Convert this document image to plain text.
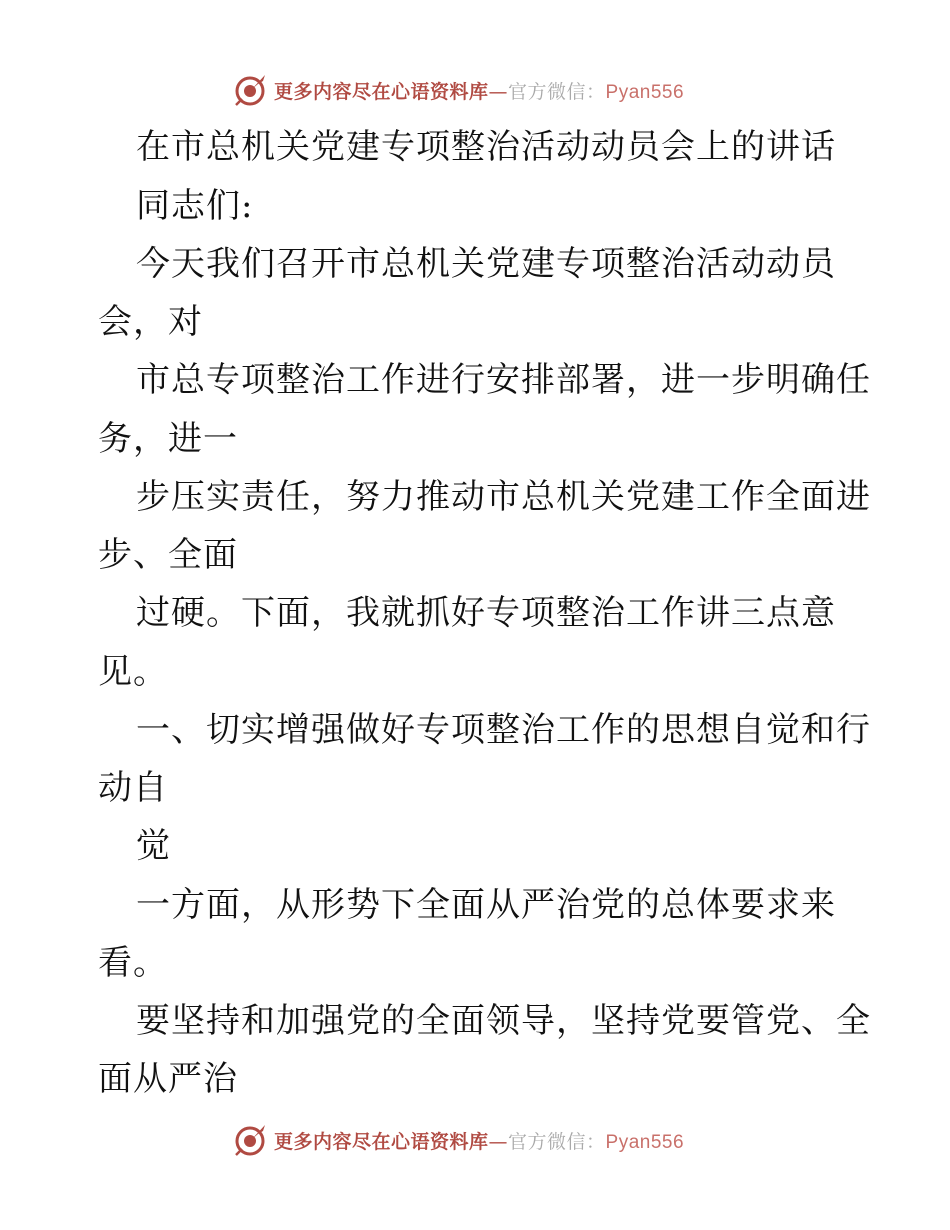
更多内容尽在心语资料库—官方微信：Pyan556
在市总机关党建专项整治活动动员会上的讲话
同志们:
今天我们召开市总机关党建专项整治活动动员
会，对
市总专项整治工作进行安排部署，进一步明确任
务，进一
步压实责任，努力推动市总机关党建工作全面进
步、全面
过硬。下面，我就抓好专项整治工作讲三点意
见。
一、切实增强做好专项整治工作的思想自觉和行
动自
觉
一方面，从形势下全面从严治党的总体要求来
看。
要坚持和加强党的全面领导，坚持党要管党、全
面从严治
更多内容尽在心语资料库—官方微信：Pyan556
